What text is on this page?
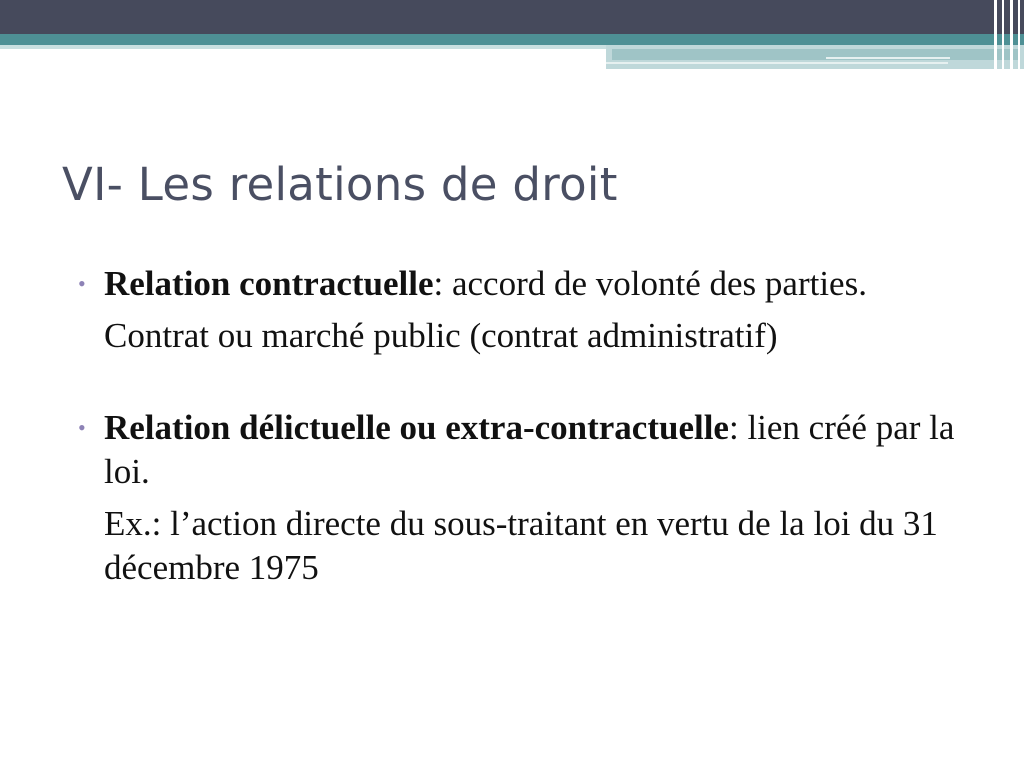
VI- Les relations de droit
• Relation contractuelle: accord de volonté des parties.

Contrat ou marché public (contrat administratif)

• Relation délictuelle ou extra-contractuelle: lien créé par la loi.

Ex.: l’action directe du sous-traitant en vertu de la loi du 31 décembre 1975
